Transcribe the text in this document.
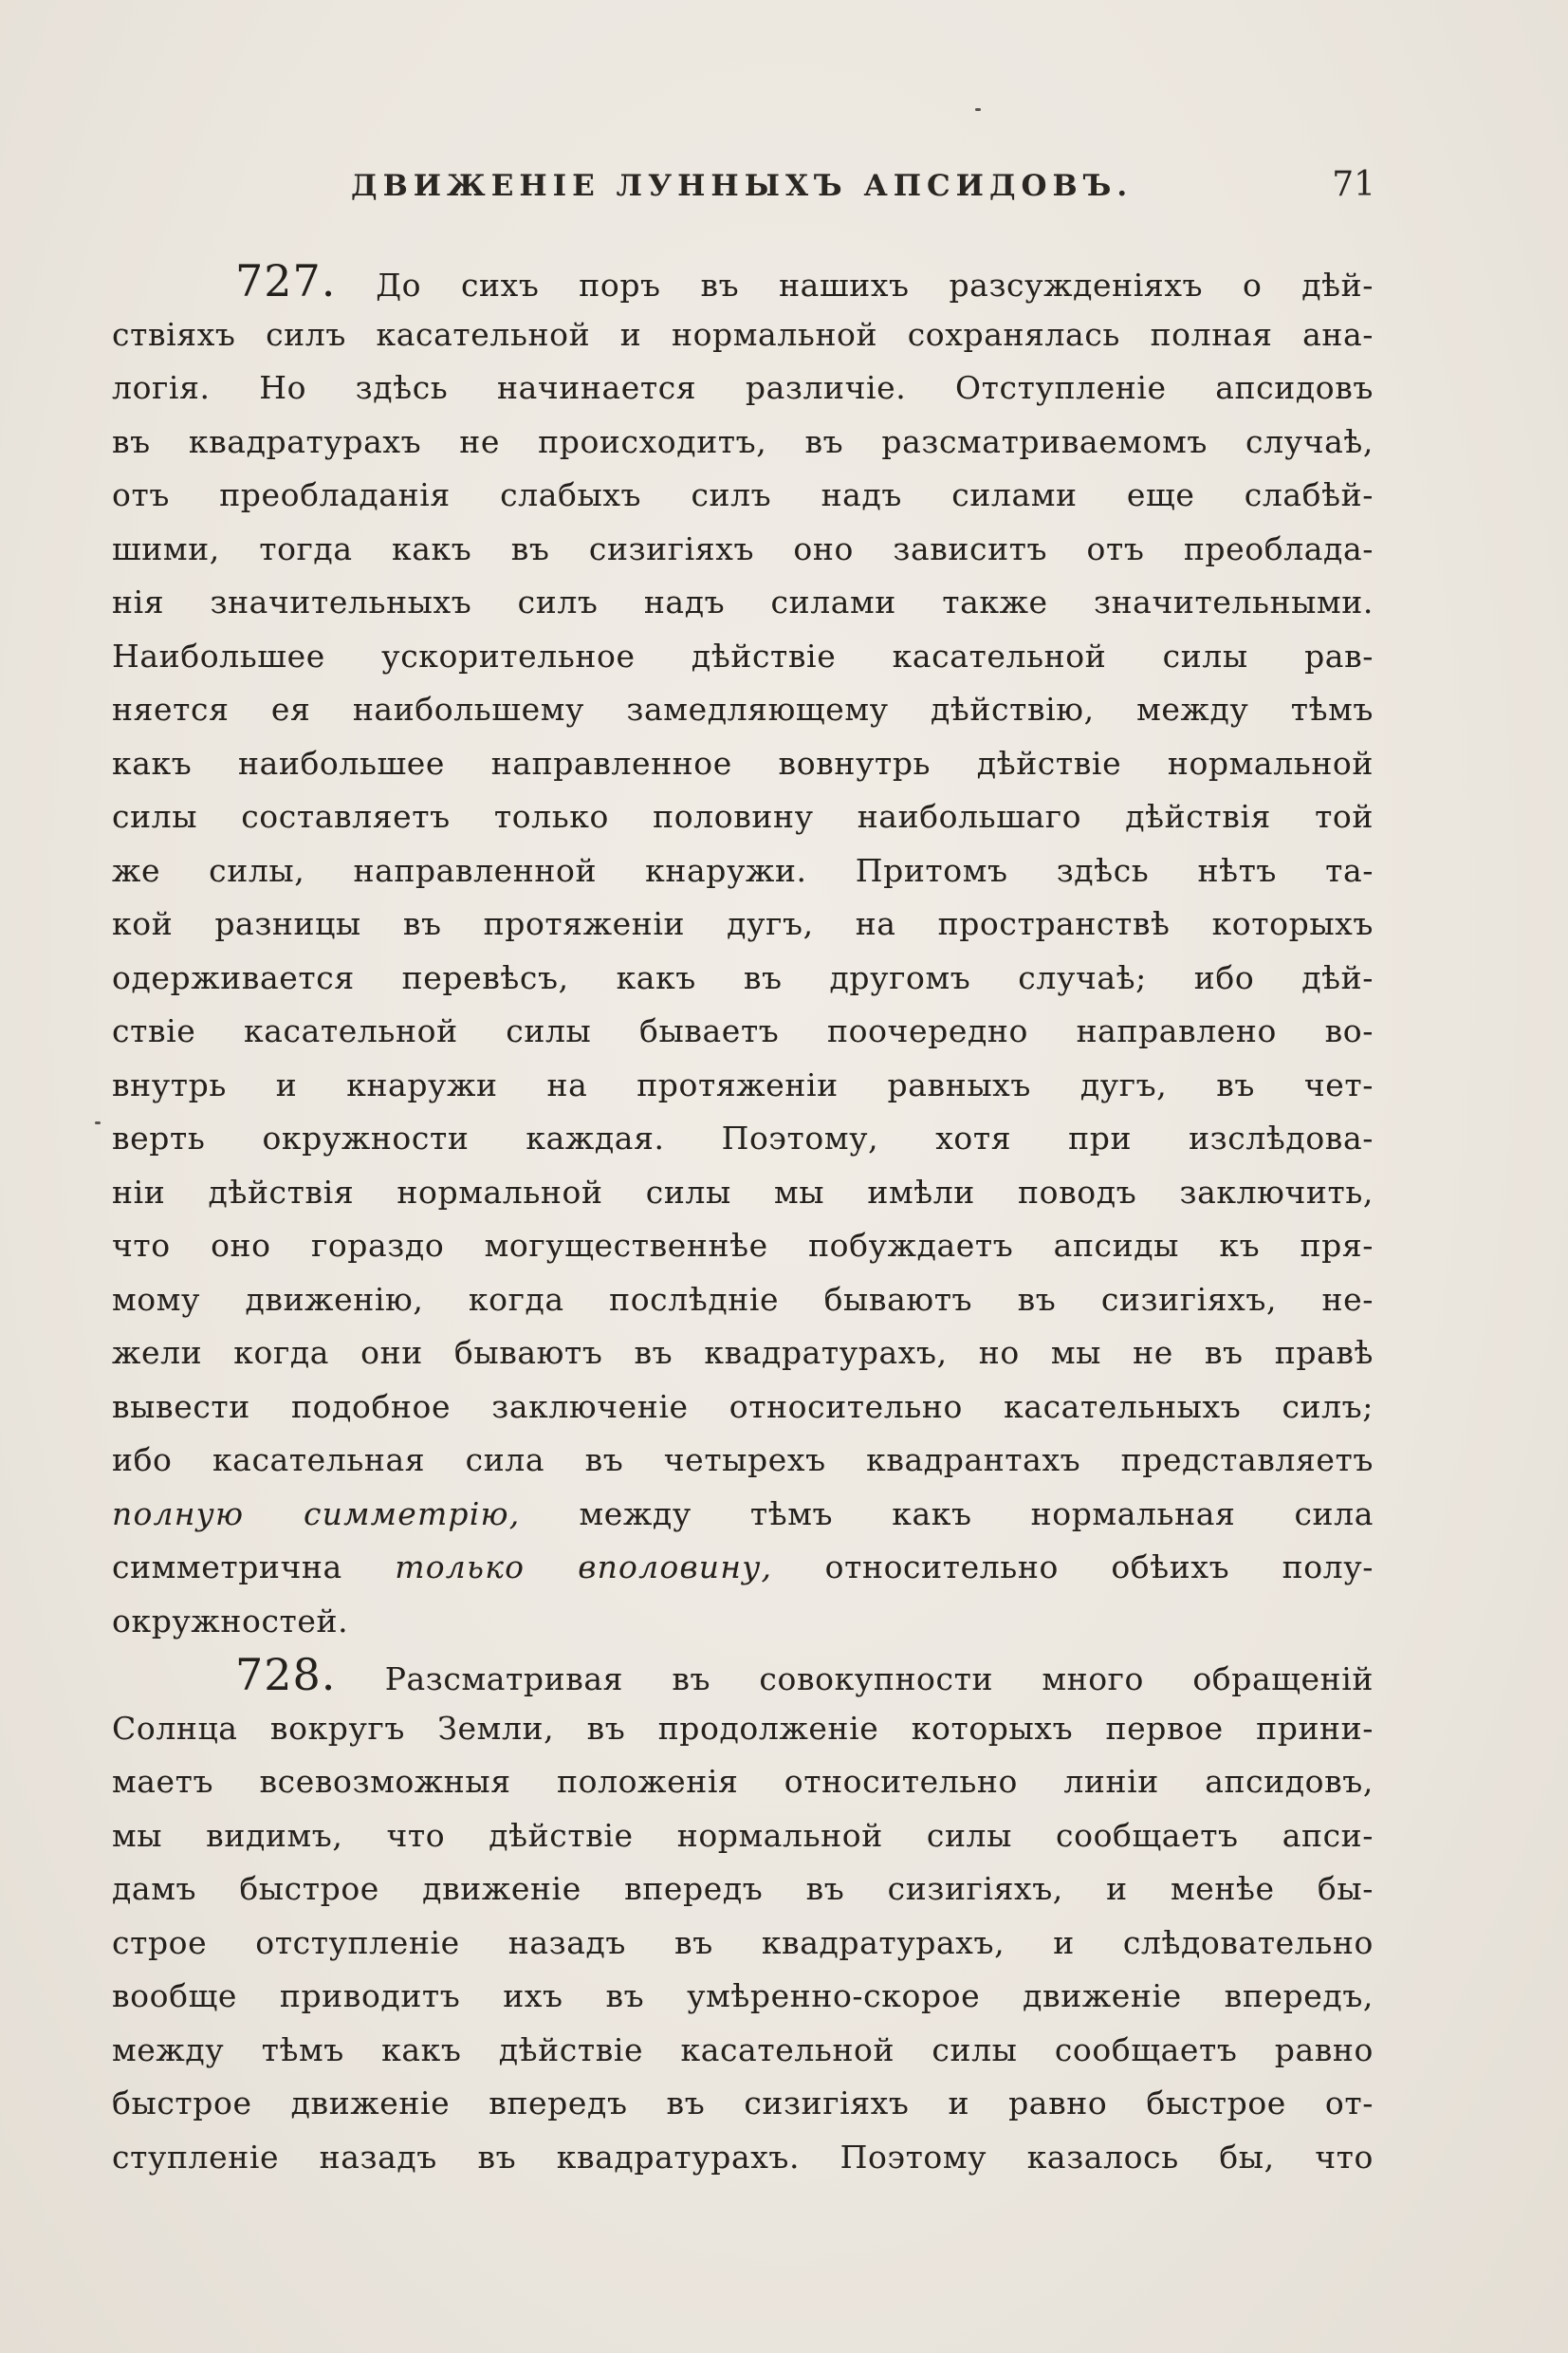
ДВИЖЕНІЕ ЛУННЫХЪ АПСИДОВЪ.	71
727. До сихъ поръ въ нашихъ разсужденіяхъ о дѣй-
ствіяхъ силъ касательной и нормальной сохранялась полная ана-
логія. Но здѣсь начинается различіе. Отступленіе апсидовъ
въ квадратурахъ не происходитъ, въ разсматриваемомъ случаѣ,
отъ преобладанія слабыхъ силъ надъ силами еще слабѣй-
шими, тогда какъ въ сизигіяхъ оно зависитъ отъ преоблада-
нія значительныхъ силъ надъ силами также значительными.
Наибольшее ускорительное дѣйствіе касательной силы рав-
няется ея наибольшему замедляющему дѣйствію, между тѣмъ
какъ наибольшее направленное вовнутрь дѣйствіе нормальной
силы составляетъ только половину наибольшаго дѣйствія той
же силы, направленной кнаружи. Притомъ здѣсь нѣтъ та-
кой разницы въ протяженіи дугъ, на пространствѣ которыхъ
одерживается перевѣсъ, какъ въ другомъ случаѣ; ибо дѣй-
ствіе касательной силы бываетъ поочередно направлено во-
внутрь и кнаружи на протяженіи равныхъ дугъ, въ чет-
верть окружности каждая. Поэтому, хотя при изслѣдова-
ніи дѣйствія нормальной силы мы имѣли поводъ заключить,
что оно гораздо могущественнѣе побуждаетъ апсиды къ пря-
мому движенію, когда послѣдніе бываютъ въ сизигіяхъ, не-
жели когда они бываютъ въ квадратурахъ, но мы не въ правѣ
вывести подобное заключеніе относительно касательныхъ силъ;
ибо касательная сила въ четырехъ квадрантахъ представляетъ
полную симметрію, между тѣмъ какъ нормальная сила
симметрична только вполовину, относительно обѣихъ полу-
окружностей.
728. Разсматривая въ совокупности много обращеній
Солнца вокругъ Земли, въ продолженіе которыхъ первое прини-
маетъ всевозможныя положенія относительно линіи апсидовъ,
мы видимъ, что дѣйствіе нормальной силы сообщаетъ апси-
дамъ быстрое движеніе впередъ въ сизигіяхъ, и менѣе бы-
строе отступленіе назадъ въ квадратурахъ, и слѣдовательно
вообще приводитъ ихъ въ умѣренно-скорое движеніе впередъ,
между тѣмъ какъ дѣйствіе касательной силы сообщаетъ равно
быстрое движеніе впередъ въ сизигіяхъ и равно быстрое от-
ступленіе назадъ въ квадратурахъ. Поэтому казалось бы, что
